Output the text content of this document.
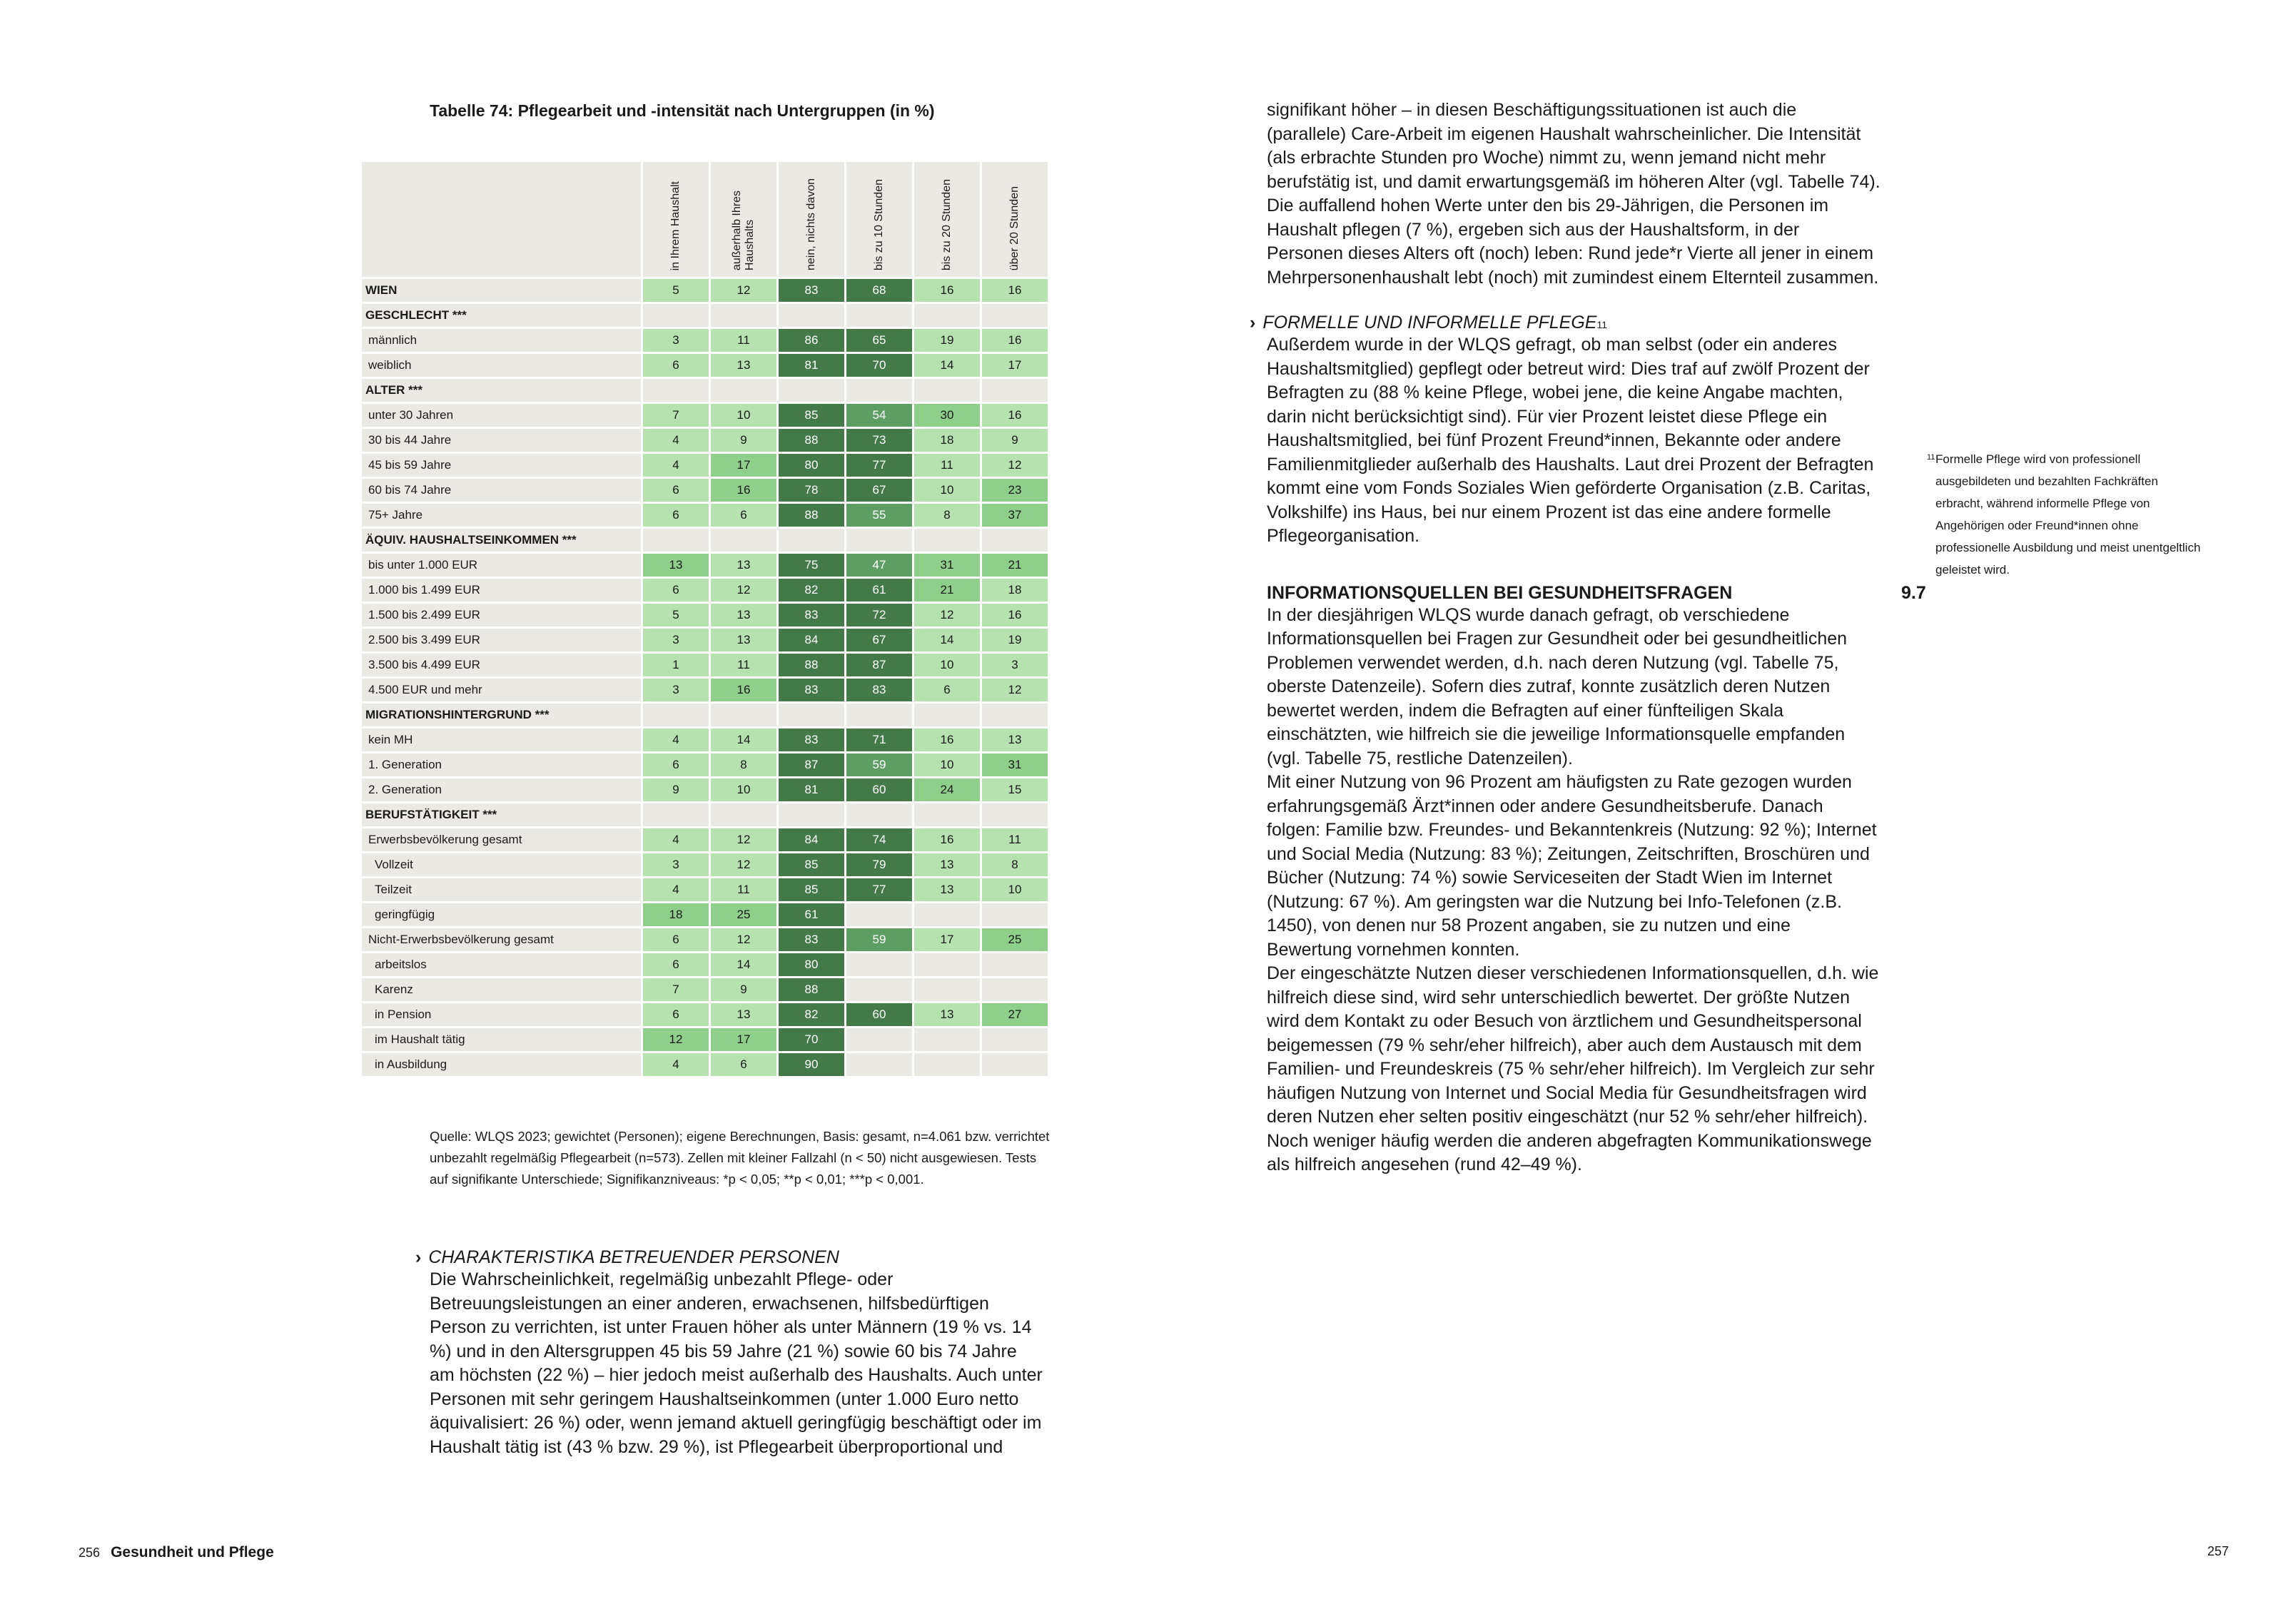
Tabelle 74: Pflegearbeit und -intensität nach Untergruppen (in %)
	in Ihrem Haushalt	außerhalb Ihres
Haushalts	nein, nichts davon	bis zu 10 Stunden	bis zu 20 Stunden	über 20 Stunden
WIEN	5	12	83	68	16	16
GESCHLECHT ***						
männlich	3	11	86	65	19	16
weiblich	6	13	81	70	14	17
ALTER ***						
unter 30 Jahren	7	10	85	54	30	16
30 bis 44 Jahre	4	9	88	73	18	9
45 bis 59 Jahre	4	17	80	77	11	12
60 bis 74 Jahre	6	16	78	67	10	23
75+ Jahre	6	6	88	55	8	37
ÄQUIV. HAUSHALTSEINKOMMEN ***						
bis unter 1.000 EUR	13	13	75	47	31	21
1.000 bis 1.499 EUR	6	12	82	61	21	18
1.500 bis 2.499 EUR	5	13	83	72	12	16
2.500 bis 3.499 EUR	3	13	84	67	14	19
3.500 bis 4.499 EUR	1	11	88	87	10	3
4.500 EUR und mehr	3	16	83	83	6	12
MIGRATIONSHINTERGRUND ***						
kein MH	4	14	83	71	16	13
1. Generation	6	8	87	59	10	31
2. Generation	9	10	81	60	24	15
BERUFSTÄTIGKEIT ***						
Erwerbsbevölkerung gesamt	4	12	84	74	16	11
Vollzeit	3	12	85	79	13	8
Teilzeit	4	11	85	77	13	10
geringfügig	18	25	61			
Nicht-Erwerbsbevölkerung gesamt	6	12	83	59	17	25
arbeitslos	6	14	80			
Karenz	7	9	88			
in Pension	6	13	82	60	13	27
im Haushalt tätig	12	17	70			
in Ausbildung	4	6	90			
Quelle: WLQS 2023; gewichtet (Personen); eigene Berechnungen, Basis: gesamt, n=4.061 bzw. verrichtet unbezahlt regelmäßig Pflegearbeit (n=573). Zellen mit kleiner Fallzahl (n < 50) nicht ausgewiesen. Tests auf signifikante Unterschiede; Signifikanzniveaus: *p < 0,05; **p < 0,01; ***p < 0,001.
› CHARAKTERISTIKA BETREUENDER PERSONEN
Die Wahrscheinlichkeit, regelmäßig unbezahlt Pflege- oder Betreuungsleistungen an einer anderen, erwachsenen, hilfsbedürftigen Person zu verrichten, ist unter Frauen höher als unter Männern (19 % vs. 14 %) und in den Altersgruppen 45 bis 59 Jahre (21 %) sowie 60 bis 74 Jahre am höchsten (22 %) – hier jedoch meist außerhalb des Haushalts. Auch unter Personen mit sehr geringem Haushaltseinkommen (unter 1.000 Euro netto äquivalisiert: 26 %) oder, wenn jemand aktuell geringfügig beschäftigt oder im Haushalt tätig ist (43 % bzw. 29 %), ist Pflegearbeit überproportional und
signifikant höher – in diesen Beschäftigungssituationen ist auch die (parallele) Care-Arbeit im eigenen Haushalt wahrscheinlicher. Die Intensität (als erbrachte Stunden pro Woche) nimmt zu, wenn jemand nicht mehr berufstätig ist, und damit erwartungsgemäß im höheren Alter (vgl. Tabelle 74). Die auffallend hohen Werte unter den bis 29-Jährigen, die Personen im Haushalt pflegen (7 %), ergeben sich aus der Haushaltsform, in der Personen dieses Alters oft (noch) leben: Rund jede*r Vierte all jener in einem Mehrpersonenhaushalt lebt (noch) mit zumindest einem Elternteil zusammen.
› FORMELLE UND INFORMELLE PFLEGE 11
Außerdem wurde in der WLQS gefragt, ob man selbst (oder ein anderes Haushaltsmitglied) gepflegt oder betreut wird: Dies traf auf zwölf Prozent der Befragten zu (88 % keine Pflege, wobei jene, die keine Angabe machten, darin nicht berücksichtigt sind). Für vier Prozent leistet diese Pflege ein Haushaltsmitglied, bei fünf Prozent Freund*innen, Bekannte oder andere Familienmitglieder außerhalb des Haushalts. Laut drei Prozent der Befragten kommt eine vom Fonds Soziales Wien geförderte Organisation (z.B. Caritas, Volkshilfe) ins Haus, bei nur einem Prozent ist das eine andere formelle Pflegeorganisation.
INFORMATIONSQUELLEN BEI GESUNDHEITSFRAGEN	9.7
In der diesjährigen WLQS wurde danach gefragt, ob verschiedene Informationsquellen bei Fragen zur Gesundheit oder bei gesundheitlichen Problemen verwendet werden, d.h. nach deren Nutzung (vgl. Tabelle 75, oberste Datenzeile). Sofern dies zutraf, konnte zusätzlich deren Nutzen bewertet werden, indem die Befragten auf einer fünfteiligen Skala einschätzten, wie hilfreich sie die jeweilige Informationsquelle empfanden (vgl. Tabelle 75, restliche Datenzeilen).
Mit einer Nutzung von 96 Prozent am häufigsten zu Rate gezogen wurden erfahrungsgemäß Ärzt*innen oder andere Gesundheitsberufe. Danach folgen: Familie bzw. Freundes- und Bekanntenkreis (Nutzung: 92 %); Internet und Social Media (Nutzung: 83 %); Zeitungen, Zeitschriften, Broschüren und Bücher (Nutzung: 74 %) sowie Serviceseiten der Stadt Wien im Internet (Nutzung: 67 %). Am geringsten war die Nutzung bei Info-Telefonen (z.B. 1450), von denen nur 58 Prozent angaben, sie zu nutzen und eine Bewertung vornehmen konnten.
Der eingeschätzte Nutzen dieser verschiedenen Informationsquellen, d.h. wie hilfreich diese sind, wird sehr unterschiedlich bewertet. Der größte Nutzen wird dem Kontakt zu oder Besuch von ärztlichem und Gesundheitspersonal beigemessen (79 % sehr/eher hilfreich), aber auch dem Austausch mit dem Familien- und Freundeskreis (75 % sehr/eher hilfreich). Im Vergleich zur sehr häufigen Nutzung von Internet und Social Media für Gesundheitsfragen wird deren Nutzen eher selten positiv eingeschätzt (nur 52 % sehr/eher hilfreich). Noch weniger häufig werden die anderen abgefragten Kommunikationswege als hilfreich angesehen (rund 42–49 %).
11 Formelle Pflege wird von professionell ausgebildeten und bezahlten Fachkräften erbracht, während informelle Pflege von Angehörigen oder Freund*innen ohne professionelle Ausbildung und meist unentgeltlich geleistet wird.
256 Gesundheit und Pflege	257
